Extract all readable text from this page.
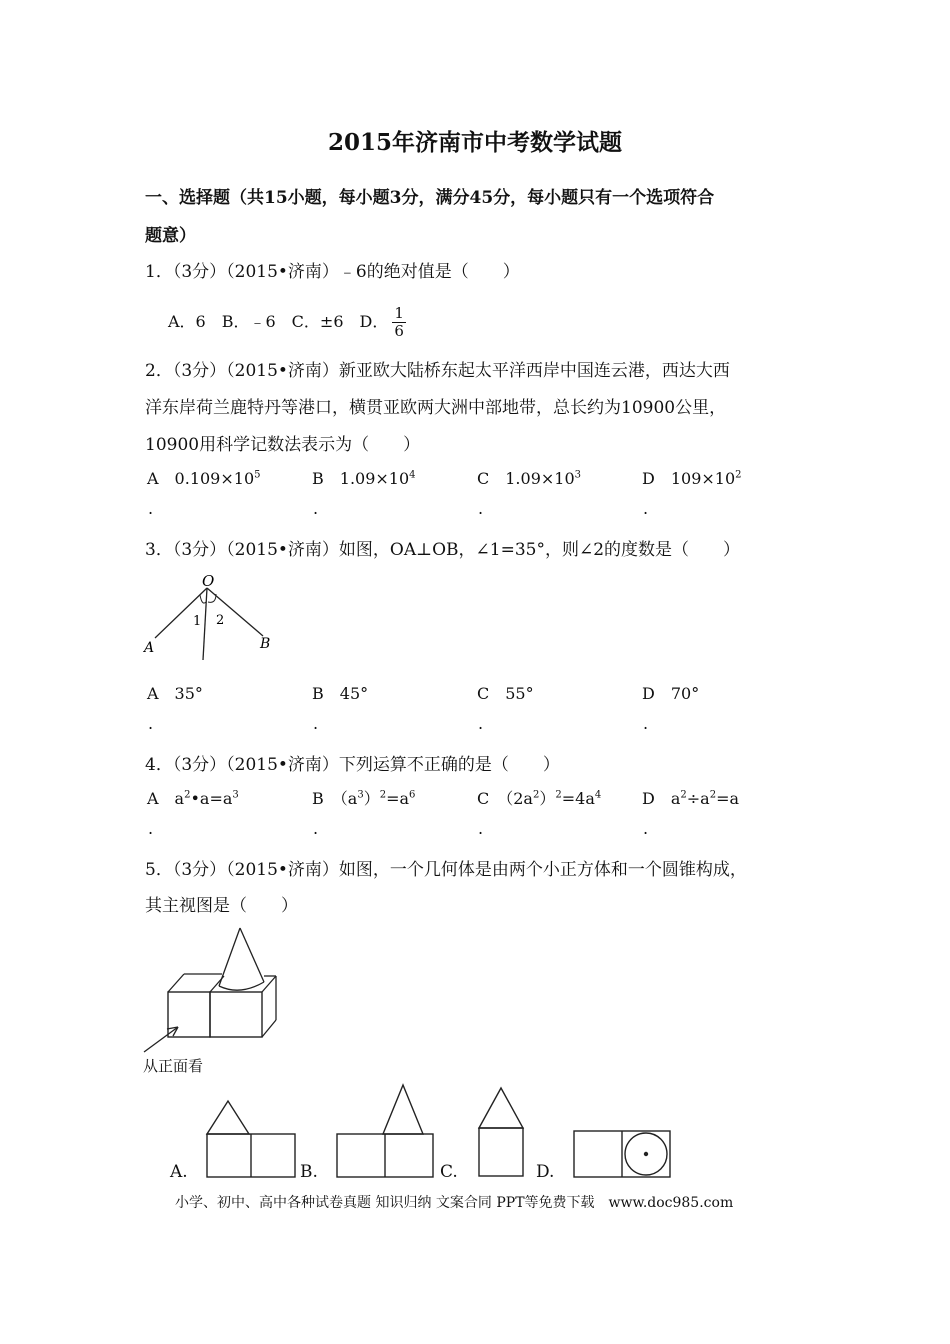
2015年济南市中考数学试题
一、选择题（共15小题，每小题3分，满分45分，每小题只有一个选项符合
题意）
1．（3分）（2015•济南）﹣6的绝对值是（　　）
A．6　B．﹣6　C．±6　D． $\frac{1}{6}$
2．（3分）（2015•济南）新亚欧大陆桥东起太平洋西岸中国连云港，西达大西
洋东岸荷兰鹿特丹等港口，横贯亚欧两大洲中部地带，总长约为10900公里，
10900用科学记数法表示为（　　）
A　$0.109\times 10^5$	B　$1.09\times 10^4$	C　$1.09\times 10^3$	D　$109\times 10^2$
.	.	.	.
3．（3分）（2015•济南）如图，OA⊥OB，∠1=35°，则∠2的度数是（　　）
O
A	B
1 2
A　35°	B　45°	C　55°	D　70°
.	.	.	.
4．（3分）（2015•济南）下列运算不正确的是（　　）
A　$a^2•a=a^3$	B　$(a^3)^2=a^6$	C　$(2a^2)^2=4a^4$	D　$a^2\div a^2=a$
.	.	.	.
5．（3分）（2015•济南）如图，一个几何体是由两个小正方体和一个圆锥构成，
其主视图是（　　）
从正面看
A.	B.	C.	D.
小学、初中、高中各种试卷真题 知识归纳 文案合同 PPT等免费下载　www.doc985.com
